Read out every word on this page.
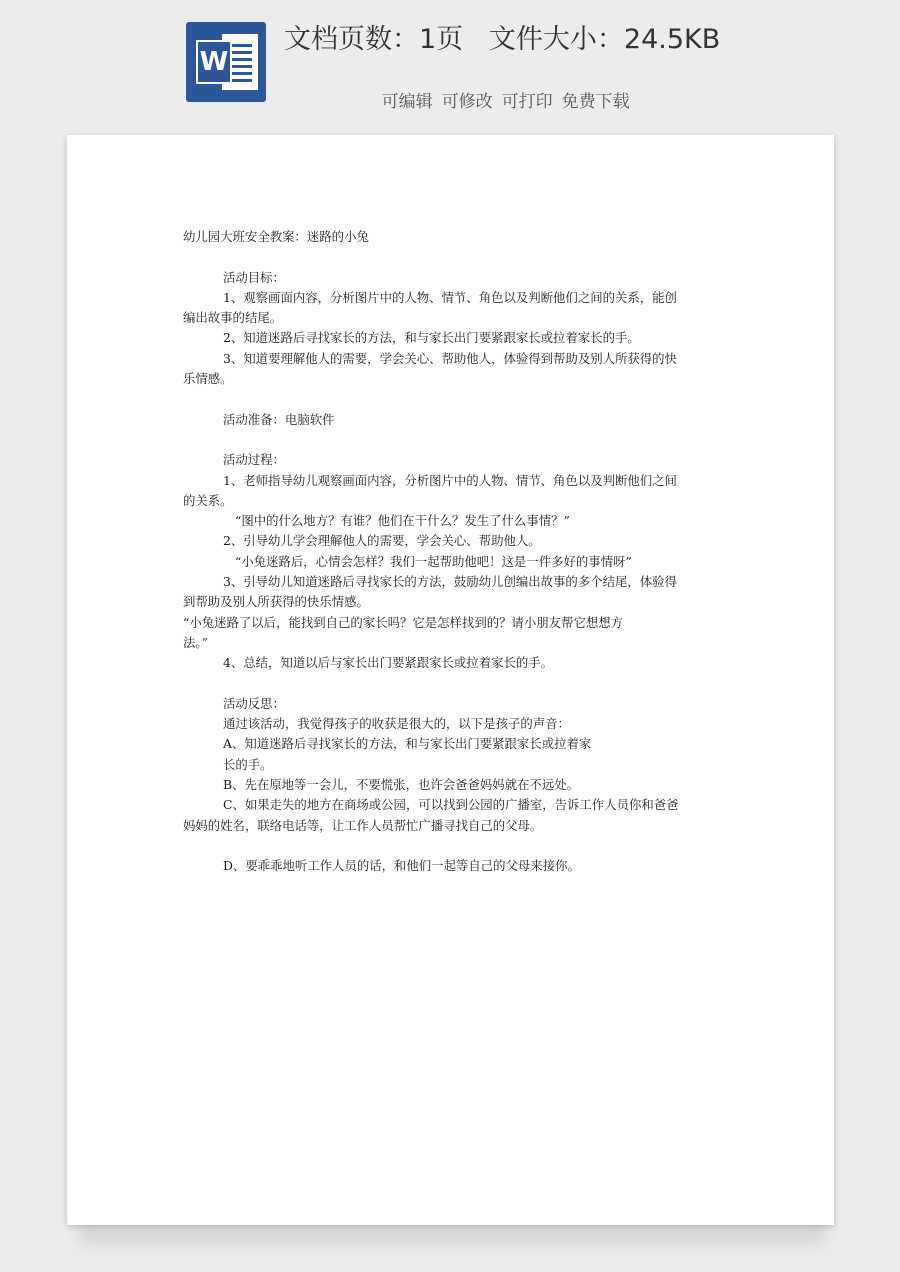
W
文档页数：1页   文件大小：24.5KB

可编辑 可修改 可打印 免费下载

幼儿园大班安全教案：迷路的小兔

活动目标：

1、观察画面内容，分析图片中的人物、情节、角色以及判断他们之间的关系，能创

编出故事的结尾。

2、知道迷路后寻找家长的方法，和与家长出门要紧跟家长或拉着家长的手。

3、知道要理解他人的需要，学会关心、帮助他人，体验得到帮助及别人所获得的快

乐情感。

活动准备：电脑软件

活动过程：

1、老师指导幼儿观察画面内容，分析图片中的人物、情节、角色以及判断他们之间

的关系。

“图中的什么地方？有谁？他们在干什么？发生了什么事情？”

2、引导幼儿学会理解他人的需要，学会关心、帮助他人。

“小兔迷路后，心情会怎样？我们一起帮助他吧！这是一件多好的事情呀”

3、引导幼儿知道迷路后寻找家长的方法，鼓励幼儿创编出故事的多个结尾，体验得

到帮助及别人所获得的快乐情感。

“小兔迷路了以后，能找到自己的家长吗？它是怎样找到的？请小朋友帮它想想方

法。”

4、总结，知道以后与家长出门要紧跟家长或拉着家长的手。

活动反思：

通过该活动，我觉得孩子的收获是很大的，以下是孩子的声音：

A、知道迷路后寻找家长的方法，和与家长出门要紧跟家长或拉着家

长的手。

B、先在原地等一会儿，不要慌张，也许会爸爸妈妈就在不远处。

C、如果走失的地方在商场或公园，可以找到公园的广播室，告诉工作人员你和爸爸

妈妈的姓名，联络电话等，让工作人员帮忙广播寻找自己的父母。

D、要乖乖地听工作人员的话，和他们一起等自己的父母来接你。
